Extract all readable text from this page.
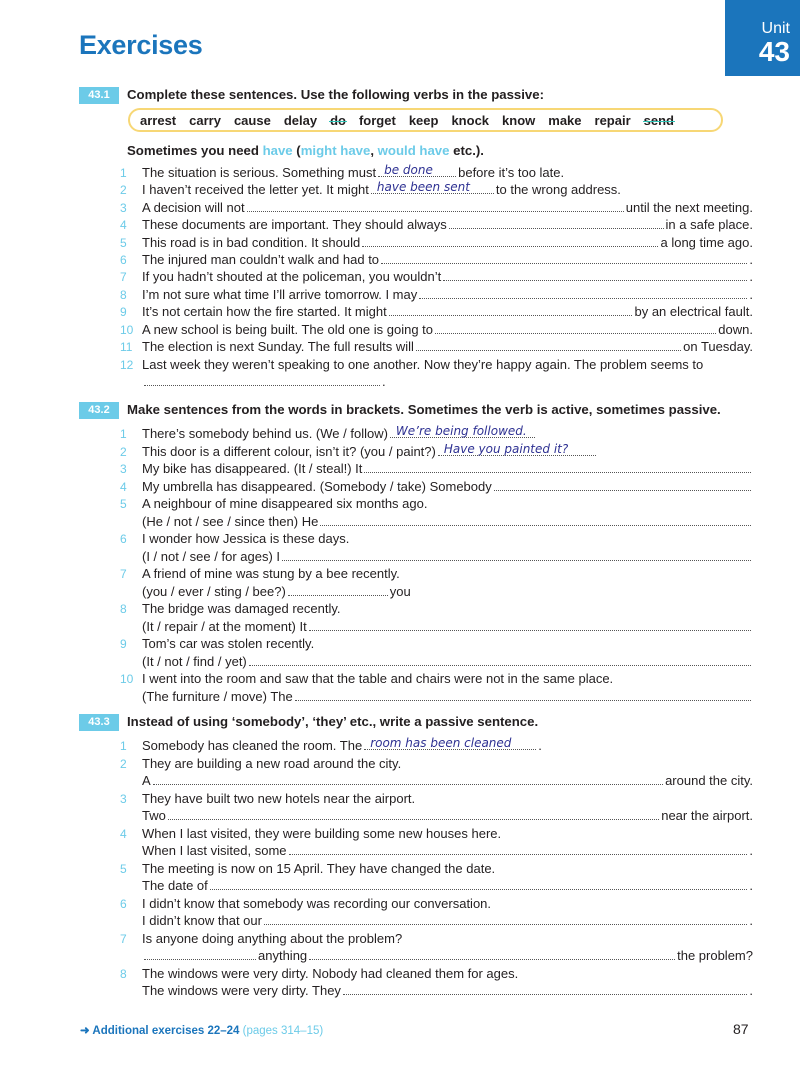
Exercises
Unit
43
43.1	Complete these sentences. Use the following verbs in the passive:
arrest carry cause delay do forget keep knock know make repair send
Sometimes you need have (might have, would have etc.).
1	The situation is serious. Something must be done before it’s too late.
2	I haven’t received the letter yet. It might have been sent to the wrong address.
3	A decision will not	until the next meeting.
4	These documents are important. They should always	in a safe place.
5	This road is in bad condition. It should	a long time ago.
6	The injured man couldn’t walk and had to	.
7	If you hadn’t shouted at the policeman, you wouldn’t	.
8	I’m not sure what time I’ll arrive tomorrow. I may	.
9	It’s not certain how the fire started. It might	by an electrical fault.
10 A new school is being built. The old one is going to	down.
11 The election is next Sunday. The full results will	on Tuesday.
12 Last week they weren’t speaking to one another. Now they’re happy again. The problem seems to
.
43.2	Make sentences from the words in brackets. Sometimes the verb is active, sometimes passive.
1	There’s somebody behind us. (We / follow) We’re being followed.
2	This door is a different colour, isn’t it? (you / paint?) Have you painted it?
3	My bike has disappeared. (It / steal!) It
4	My umbrella has disappeared. (Somebody / take) Somebody
5	A neighbour of mine disappeared six months ago.
(He / not / see / since then) He
6	I wonder how Jessica is these days.
(I / not / see / for ages) I
7	A friend of mine was stung by a bee recently.
(you / ever / sting / bee?)	you
8	The bridge was damaged recently.
(It / repair / at the moment) It
9	Tom’s car was stolen recently.
(It / not / find / yet)
10 I went into the room and saw that the table and chairs were not in the same place.
(The furniture / move) The
43.3	Instead of using ‘somebody’, ‘they’ etc., write a passive sentence.
1	Somebody has cleaned the room. The room has been cleaned .
2	They are building a new road around the city.
A	around the city.
3	They have built two new hotels near the airport.
Two	near the airport.
4	When I last visited, they were building some new houses here.
When I last visited, some	.
5	The meeting is now on 15 April. They have changed the date.
The date of	.
6	I didn’t know that somebody was recording our conversation.
I didn’t know that our	.
7	Is anyone doing anything about the problem?
anything	the problem?
8	The windows were very dirty. Nobody had cleaned them for ages.
The windows were very dirty. They	.
➜ Additional exercises 22–24 (pages 314–15)	87
